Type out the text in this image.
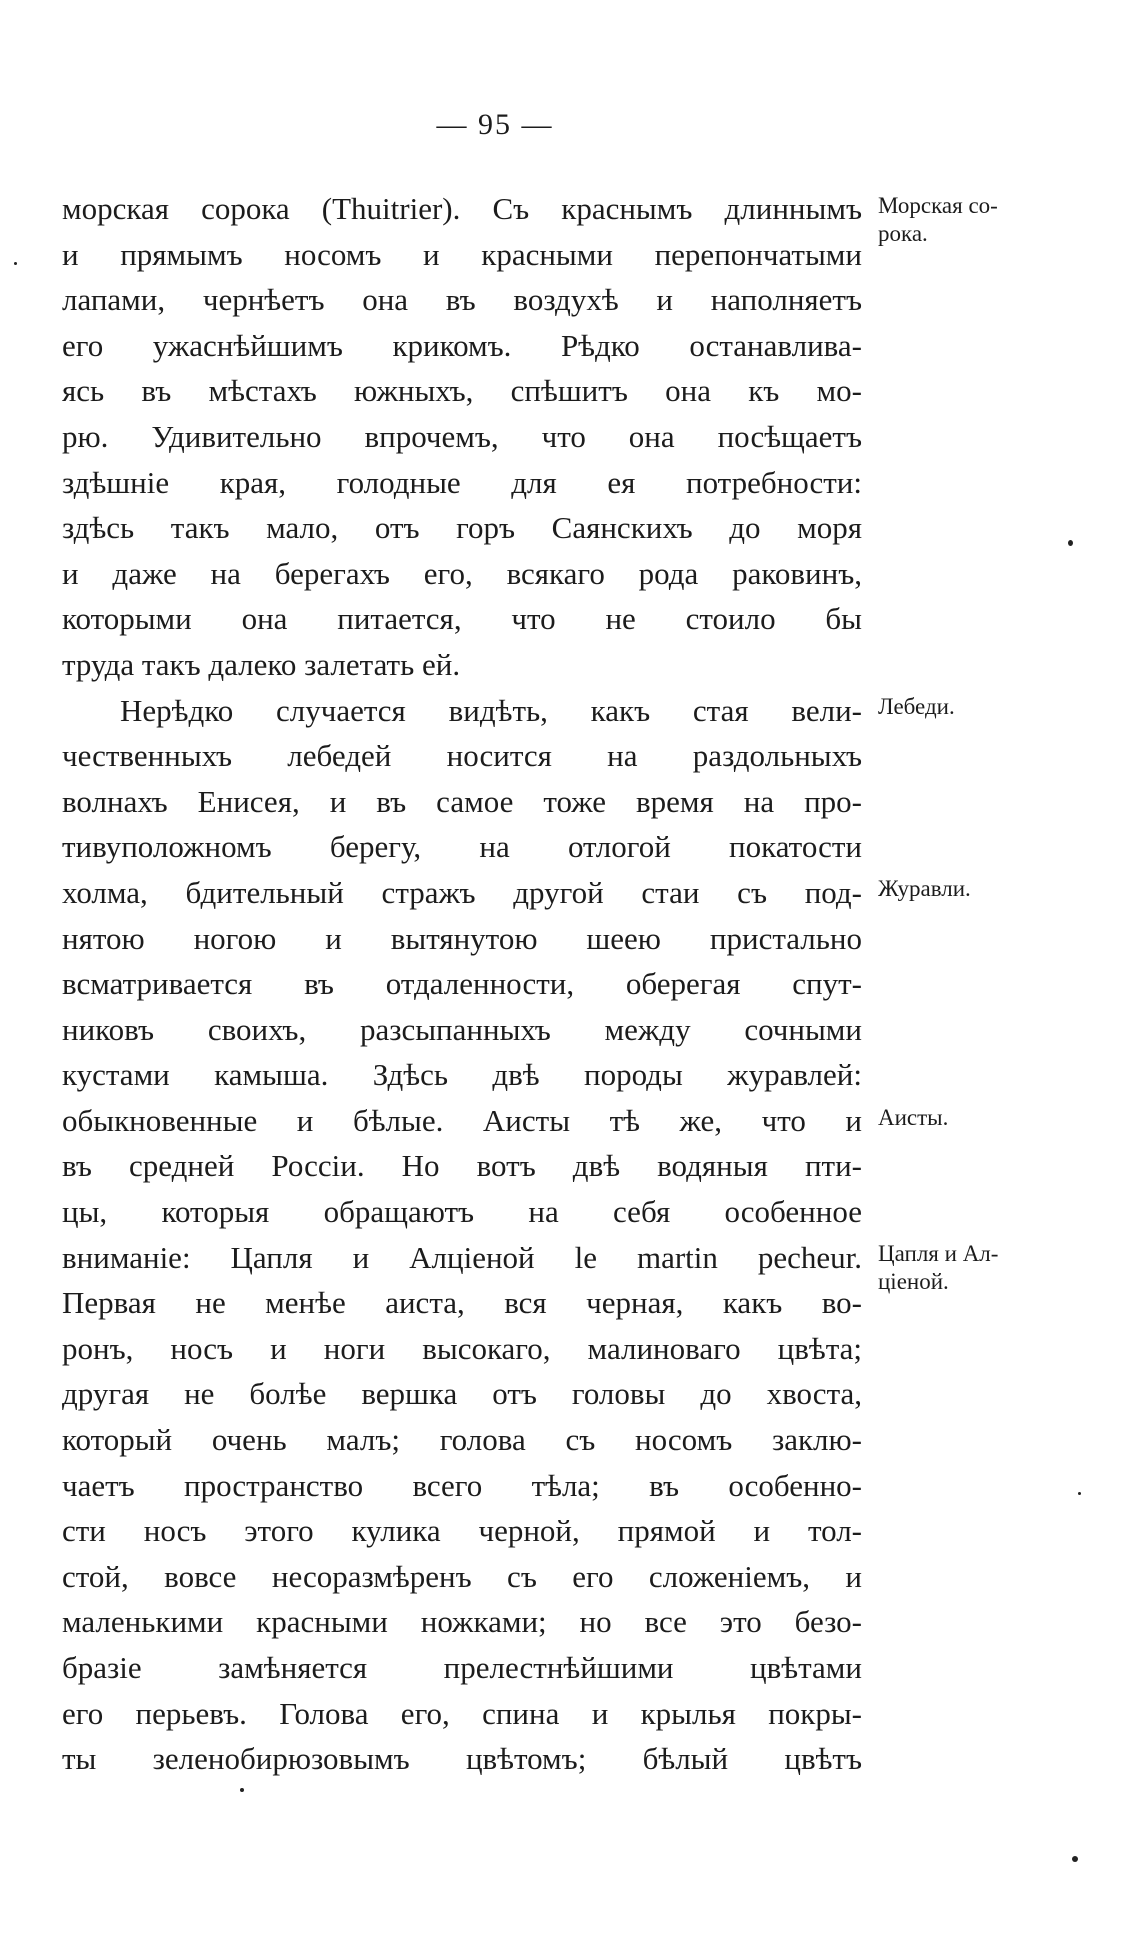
— 95 —
морская сорока (Thuitrier). Съ краснымъ длиннымъ
и прямымъ носомъ и красными перепончатыми
лапами, чернѣетъ она въ воздухѣ и наполняетъ
его ужаснѣйшимъ крикомъ. Рѣдко останавлива-
ясь въ мѣстахъ южныхъ, спѣшитъ она къ мо-
рю. Удивительно впрочемъ, что она посѣщаетъ
здѣшніе края, голодные для ея потребности:
здѣсь такъ мало, отъ горъ Саянскихъ до моря
и даже на берегахъ его, всякаго рода раковинъ,
которыми она питается, что не стоило бы
труда такъ далеко залетать ей.
Нерѣдко случается видѣть, какъ стая вели-
чественныхъ лебедей носится на раздольныхъ
волнахъ Енисея, и въ самое тоже время на про-
тивуположномъ берегу, на отлогой покатости
холма, бдительный стражъ другой стаи съ под-
нятою ногою и вытянутою шеею пристально
всматривается въ отдаленности, оберегая спут-
никовъ своихъ, разсыпанныхъ между сочными
кустами камыша. Здѣсь двѣ породы журавлей:
обыкновенные и бѣлые. Аисты тѣ же, что и
въ средней Россіи. Но вотъ двѣ водяныя пти-
цы, которыя обращаютъ на себя особенное
вниманіе: Цапля и Алціеной le martin pecheur.
Первая не менѣе аиста, вся черная, какъ во-
ронъ, носъ и ноги высокаго, малиноваго цвѣта;
другая не болѣе вершка отъ головы до хвоста,
который очень малъ; голова съ носомъ заклю-
чаетъ пространство всего тѣла; въ особенно-
сти носъ этого кулика черной, прямой и тол-
стой, вовсе несоразмѣренъ съ его сложеніемъ, и
маленькими красными ножками; но все это безо-
бразіе замѣняется прелестнѣйшими цвѣтами
его перьевъ. Голова его, спина и крылья покры-
ты зеленобирюзовымъ цвѣтомъ; бѣлый цвѣтъ
Морская со-
рока.
Лебеди.
Журавли.
Аисты.
Цапля и Ал-
ціеной.
